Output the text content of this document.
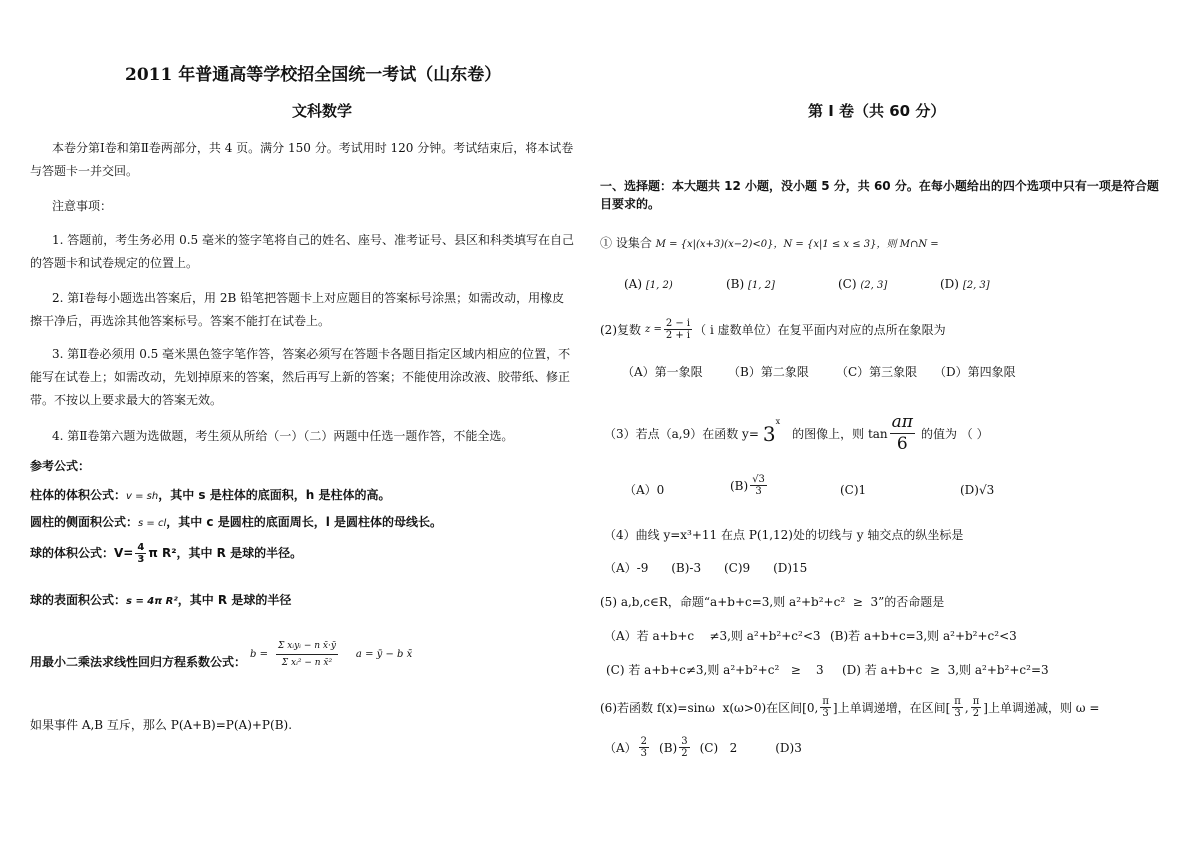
2011 年普通高等学校招全国统一考试（山东卷）
文科数学	第 I 卷（共 60 分）
本卷分第Ⅰ卷和第Ⅱ卷两部分，共 4 页。满分 150 分。考试用时 120 分钟。考试结束后，将本试卷
与答题卡一并交回。
注意事项：
1. 答题前，考生务必用 0.5 毫米的签字笔将自己的姓名、座号、准考证号、县区和科类填写在自己
的答题卡和试卷规定的位置上。
2. 第Ⅰ卷每小题选出答案后，用 2B 铅笔把答题卡上对应题目的答案标号涂黑；如需改动，用橡皮
擦干净后，再选涂其他答案标号。答案不能打在试卷上。
3. 第Ⅱ卷必须用 0.5 毫米黑色签字笔作答，答案必须写在答题卡各题目指定区域内相应的位置，不
能写在试卷上；如需改动，先划掉原来的答案，然后再写上新的答案；不能使用涂改液、胶带纸、修正
带。不按以上要求最大的答案无效。
4. 第Ⅱ卷第六题为选做题，考生须从所给（一）（二）两题中任选一题作答，不能全选。
参考公式：
柱体的体积公式：v = sh，其中 s 是柱体的底面积，h 是柱体的高。
圆柱的侧面积公式：s = cl，其中 c 是圆柱的底面周长，l 是圆柱体的母线长。
球的体积公式：$V= \frac{4}{3}$ π R²，其中 R 是球的半径。
球的表面积公式：s = 4π R²，其中 R 是球的半径
用最小二乘法求线性回归方程系数公式：
$b = \frac{\text{Σ xᵢyᵢ − n x̄·ȳ}}{\text{Σ xᵢ² − n x̄²}}$ a = ȳ − b x̄
如果事件 A,B 互斥，那么 P(A+B)=P(A)+P(B).
一、选择题：本大题共 12 小题，没小题 5 分，共 60 分。在每小题给出的四个选项中只有一项是符合题
目要求的。
① 设集合 M = {x|(x+3)(x−2)<0}，N = {x|1 ≤ x ≤ 3}，则 M∩N =
(A) [1, 2)	(B) [1, 2]	(C) (2, 3]	(D) [2, 3]
(2)复数 $z = \frac{2 - i}{2 + i}$ （ i 虚数单位）在复平面内对应的点所在象限为
（A）第一象限 （B）第二象限 （C）第三象限 （D）第四象限
（3）若点（a,9）在函数 $y= 3^x$
的图像上，则 $\tan \frac{a\pi}{6}$ 的值为 （ ）
（A）0	$(B) \frac{√3}{3}$	(C)1	(D)√3
（4）曲线 y=x³+11 在点 P(1,12)处的切线与 y 轴交点的纵坐标是
（A）-9      (B)-3      (C)9      (D)15
(5) a,b,c∈R，命题“a+b+c=3,则 a²+b²+c²  ≥  3”的否命题是
（A）若 a+b+c    ≠3,则 a²+b²+c²<3 (B)若 a+b+c=3,则 a²+b²+c²<3
(C) 若 a+b+c≠3,则 a²+b²+c²   ≥    3 (D) 若 a+b+c  ≥  3,则 a²+b²+c²=3
(6)若函数 f(x)=sinω  x(ω>0)在区间[0, $\frac{\pi}{3}$ ]上单调递增，在区间[ $\frac{\pi}{3}$ , $\frac{\pi}{2}$ ]上单调递减，则 ω =
$(A) \frac{2}{3} (B) \frac{3}{2} (C)$   2	(D)3
